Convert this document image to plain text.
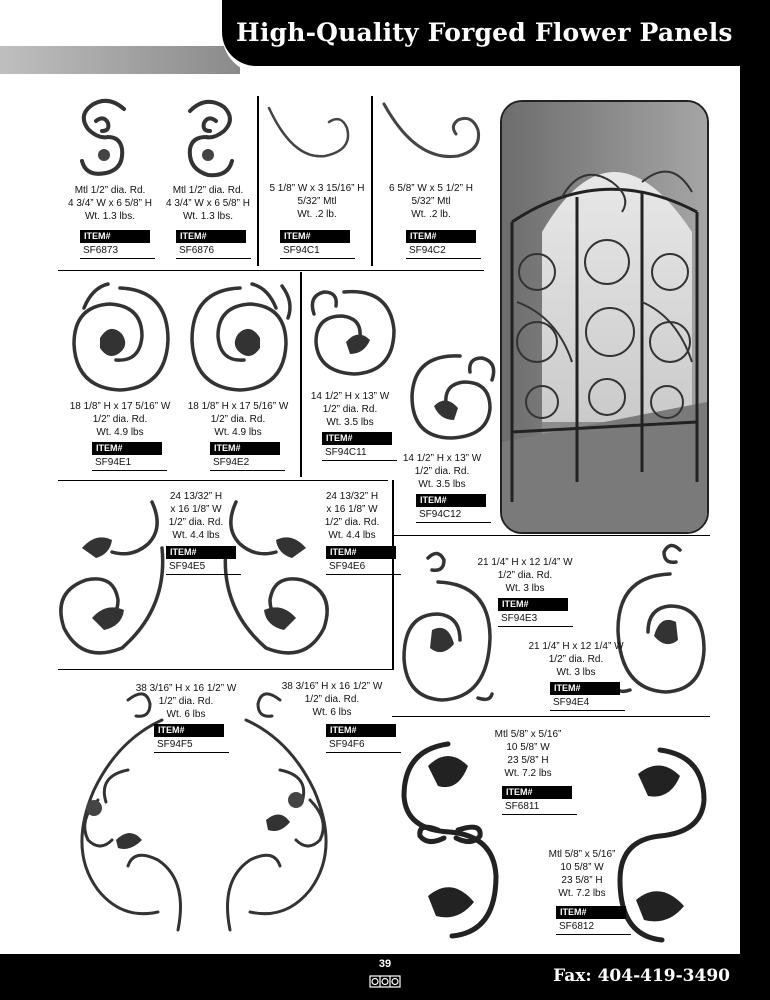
High-Quality Forged Flower Panels
Mtl 1/2” dia. Rd.
4 3/4” W x 6 5/8” H
Wt. 1.3 lbs.
ITEM#
SF6873
Mtl 1/2” dia. Rd.
4 3/4” W x 6 5/8” H
Wt. 1.3 lbs.
ITEM#
SF6876
5 1/8” W x 3 15/16” H
5/32” Mtl
Wt. .2 lb.
ITEM#
SF94C1
6 5/8” W x 5 1/2” H
5/32” Mtl
Wt. .2 lb.
ITEM#
SF94C2
18 1/8” H x 17 5/16” W
1/2” dia. Rd.
Wt. 4.9 lbs
ITEM#
SF94E1
18 1/8” H x 17 5/16” W
1/2” dia. Rd.
Wt. 4.9 lbs
ITEM#
SF94E2
14 1/2” H x 13” W
1/2” dia. Rd.
Wt. 3.5 lbs
ITEM#
SF94C11
14 1/2” H x 13” W
1/2” dia. Rd.
Wt. 3.5 lbs
ITEM#
SF94C12
24 13/32” H
x 16 1/8” W
1/2” dia. Rd.
Wt. 4.4 lbs
ITEM#
SF94E5
24 13/32” H
x 16 1/8” W
1/2” dia. Rd.
Wt. 4.4 lbs
ITEM#
SF94E6	21 1/4” H x 12 1/4” W
1/2” dia. Rd.
Wt. 3 lbs
ITEM#
SF94E3
21 1/4” H x 12 1/4” W
1/2” dia. Rd.
Wt. 3 lbs
ITEM#
SF94E4
38 3/16” H x 16 1/2” W
1/2” dia. Rd.
Wt. 6 lbs
ITEM#
SF94F5
38 3/16” H x 16 1/2” W
1/2” dia. Rd.
Wt. 6 lbs
ITEM#
SF94F6
Mtl 5/8” x 5/16”
10 5/8” W
23 5/8” H
Wt. 7.2 lbs
ITEM#
SF6811
Mtl 5/8” x 5/16”
10 5/8” W
23 5/8” H
Wt. 7.2 lbs
ITEM#
SF6812
39
Fax: 404-419-3490
